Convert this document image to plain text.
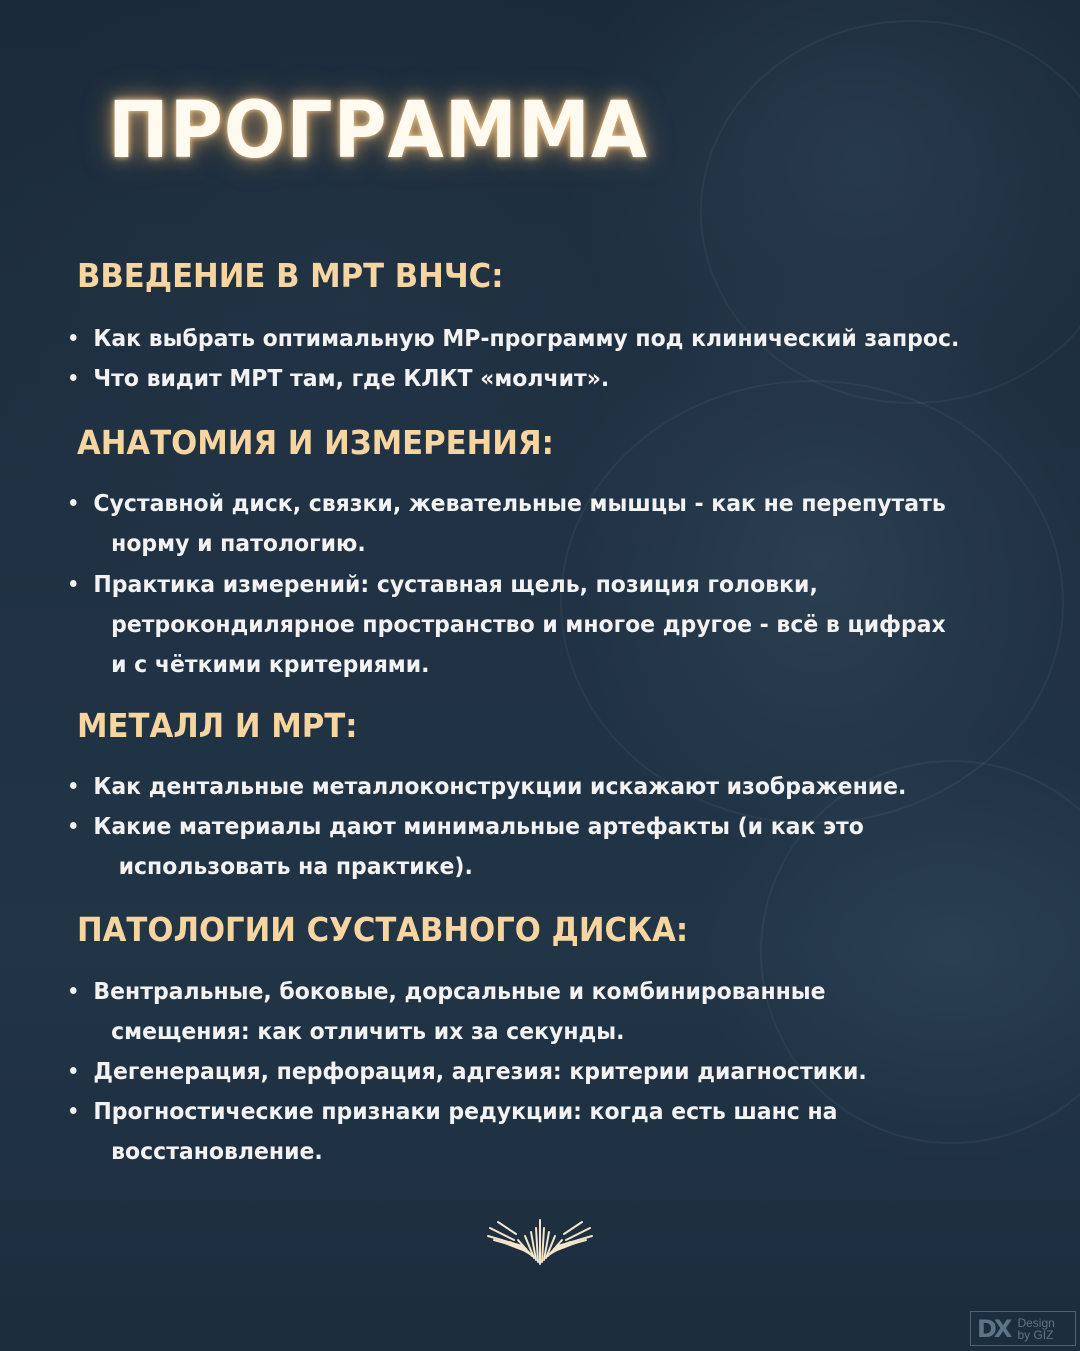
ПРОГРАММА
ВВЕДЕНИЕ В МРТ ВНЧС:
Как выбрать оптимальную МР-программу под клинический запрос.
Что видит МРТ там, где КЛКТ «молчит».
АНАТОМИЯ И ИЗМЕРЕНИЯ:
Суставной диск, связки, жевательные мышцы - как не перепутать
норму и патологию.
Практика измерений: суставная щель, позиция головки,
ретрокондилярное пространство и многое другое - всё в цифрах
и с чёткими критериями.
МЕТАЛЛ И МРТ:
Как дентальные металлоконструкции искажают изображение.
Какие материалы дают минимальные артефакты (и как это
использовать на практике).
ПАТОЛОГИИ СУСТАВНОГО ДИСКА:
Вентральные, боковые, дорсальные и комбинированные
смещения: как отличить их за секунды.
Дегенерация, перфорация, адгезия: критерии диагностики.
Прогностические признаки редукции: когда есть шанс на
восстановление.
DX Design
by GIZ
